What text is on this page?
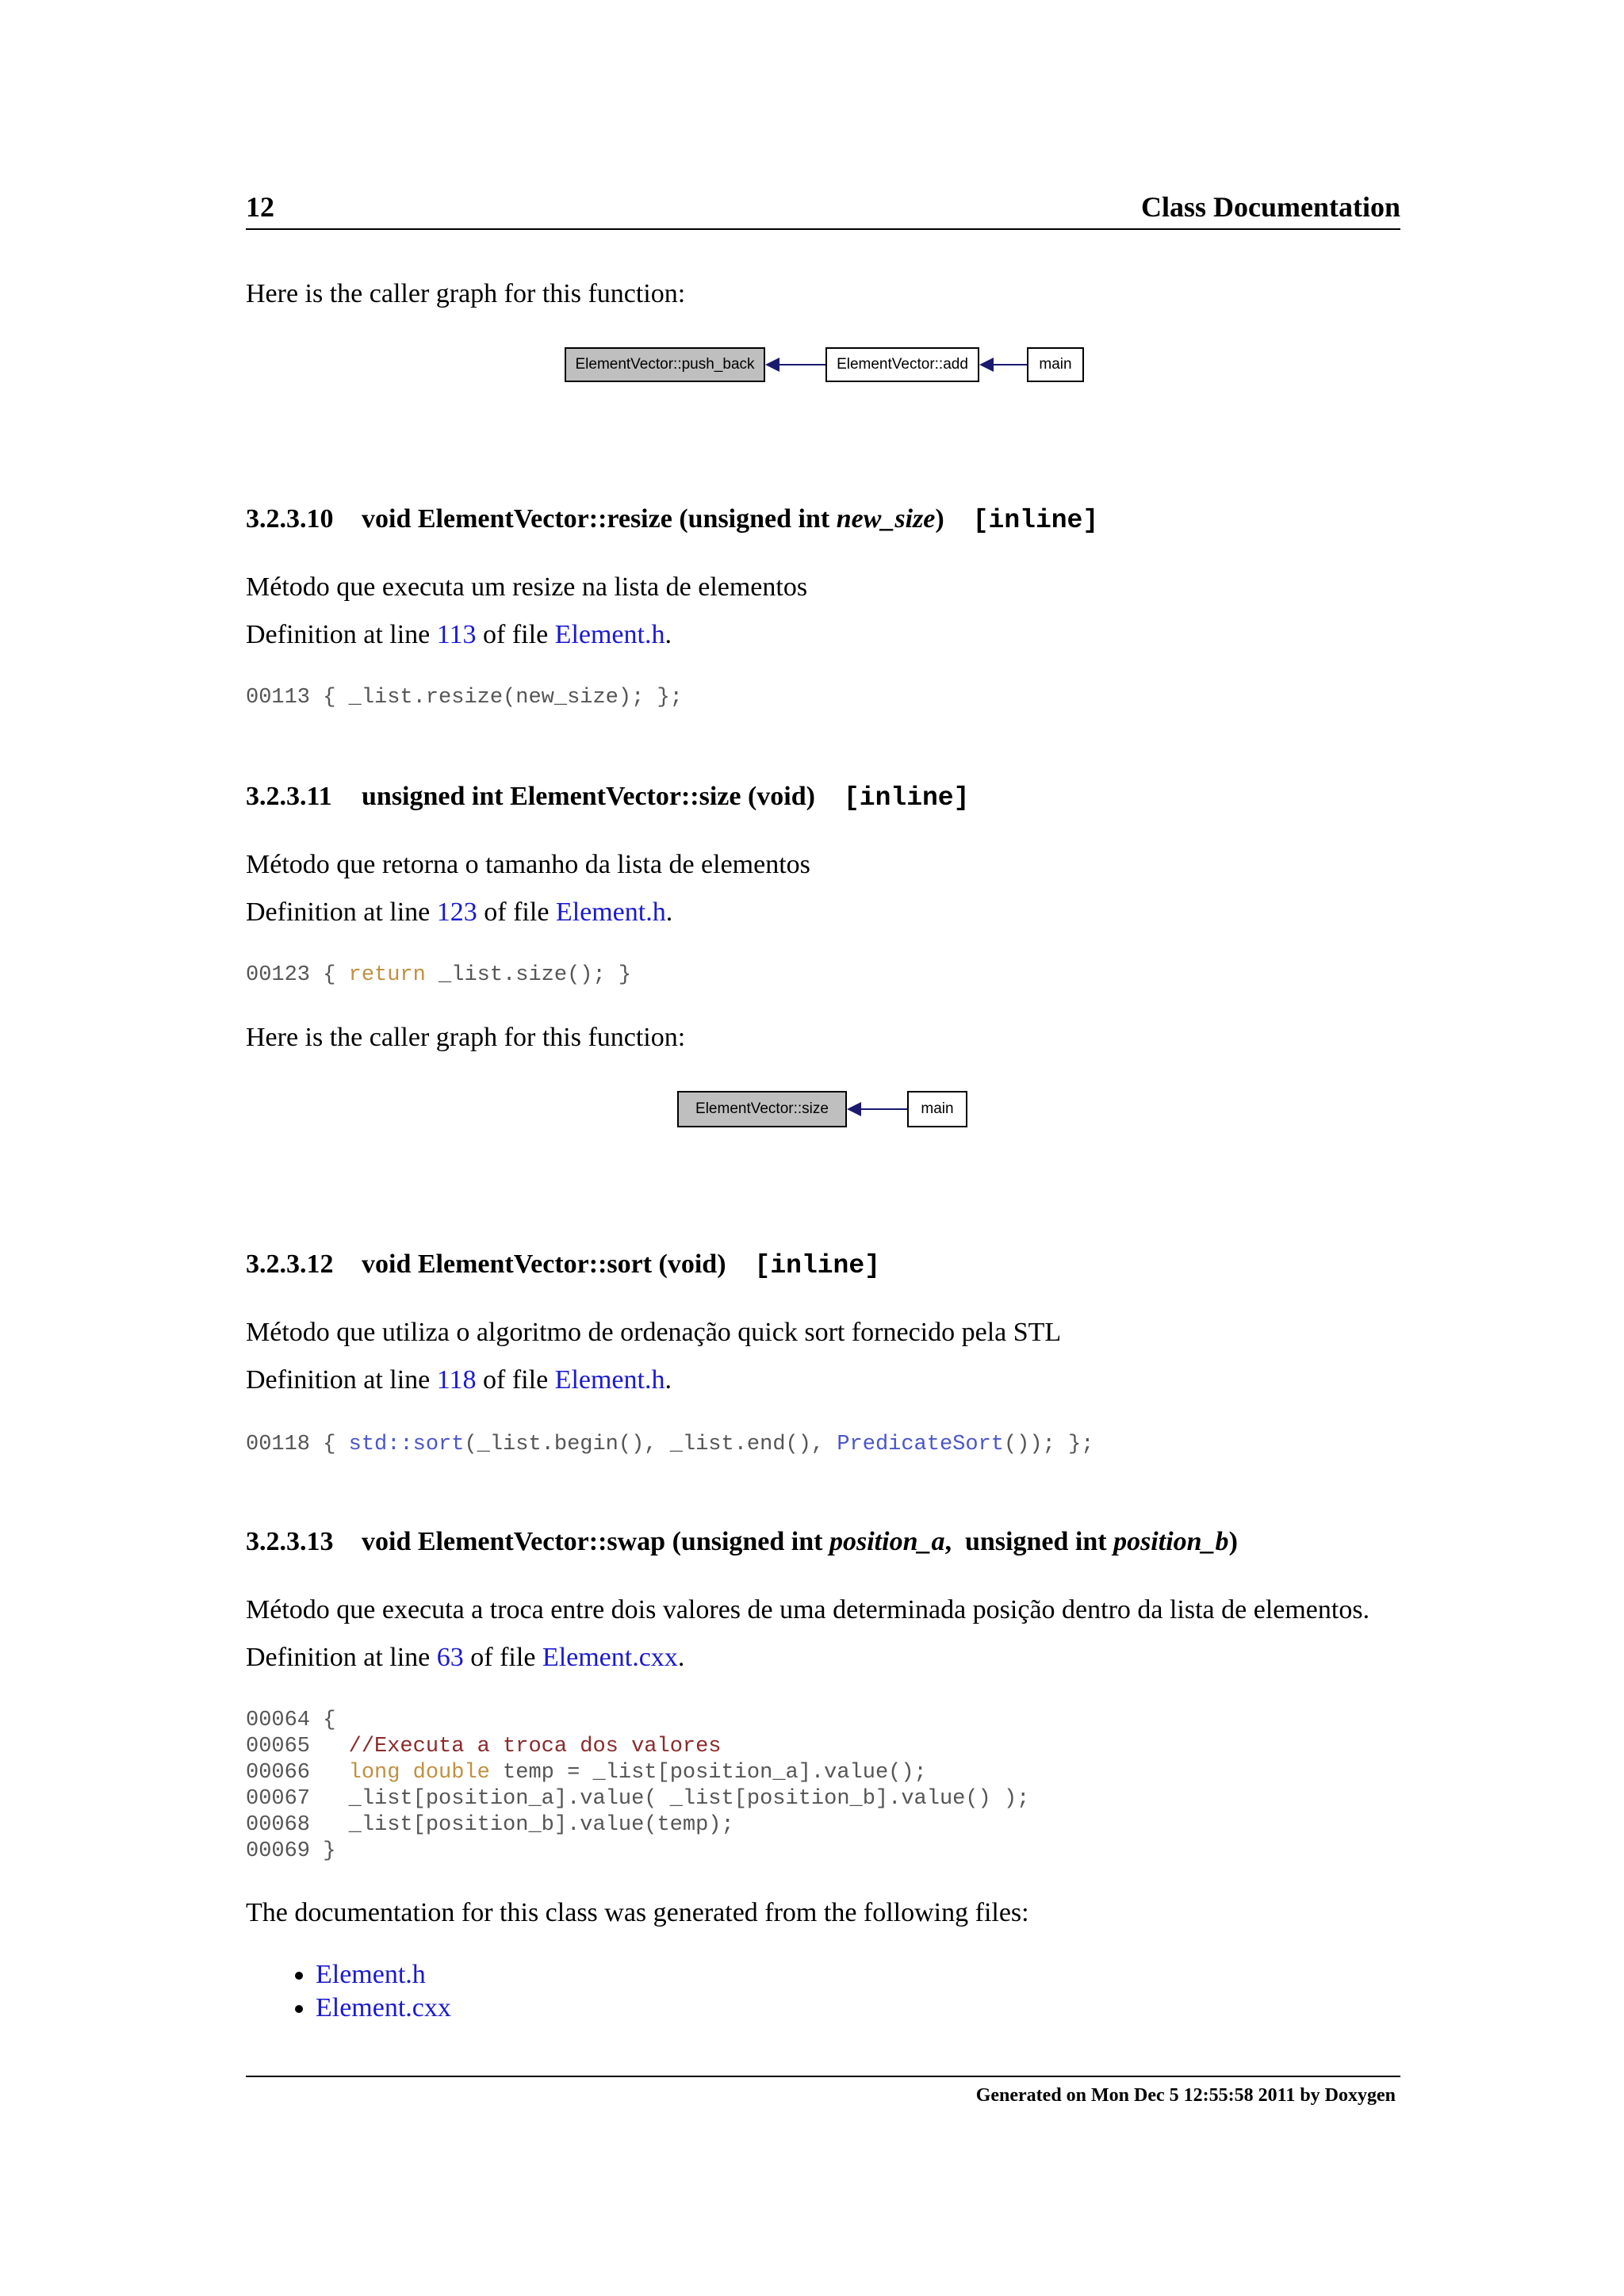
12	Class Documentation
Here is the caller graph for this function:
ElementVector::push_back	ElementVector::add	main
3.2.3.10 void ElementVector::resize (unsigned int new_size) [inline]
Método que executa um resize na lista de elementos
Definition at line 113 of file Element.h.
00113 { _list.resize(new_size); };
3.2.3.11 unsigned int ElementVector::size (void) [inline]
Método que retorna o tamanho da lista de elementos
Definition at line 123 of file Element.h.
00123 { return _list.size(); }
Here is the caller graph for this function:
ElementVector::size	main
3.2.3.12 void ElementVector::sort (void) [inline]
Método que utiliza o algoritmo de ordenação quick sort fornecido pela STL
Definition at line 118 of file Element.h.
00118 { std::sort(_list.begin(), _list.end(), PredicateSort()); };
3.2.3.13 void ElementVector::swap (unsigned int position_a,  unsigned int position_b)
Método que executa a troca entre dois valores de uma determinada posição dentro da lista de elementos.
Definition at line 63 of file Element.cxx.
00064 {
00065   //Executa a troca dos valores
00066   long double temp = _list[position_a].value();
00067   _list[position_a].value( _list[position_b].value() );
00068   _list[position_b].value(temp);
00069 }
The documentation for this class was generated from the following files:
• Element.h
• Element.cxx
Generated on Mon Dec 5 12:55:58 2011 by Doxygen
